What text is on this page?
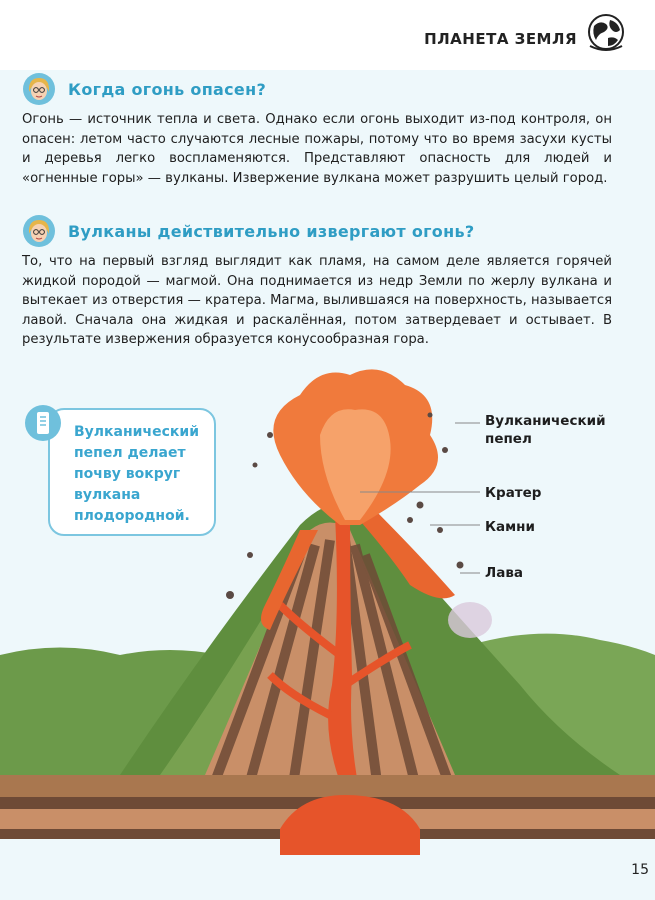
ПЛАНЕТА ЗЕМЛЯ
Когда огонь опасен?

Огонь — источник тепла и света. Однако если огонь выходит из-под контроля, он опасен: летом часто случаются лесные пожары, потому что во время засухи кусты и деревья легко воспламеняются. Представляют опасность для людей и «огненные горы» — вулканы. Извержение вулкана может разрушить целый город.

Вулканы действительно извергают огонь?

То, что на первый взгляд выглядит как пламя, на самом деле является горячей жидкой породой — магмой. Она поднимается из недр Земли по жерлу вулкана и вытекает из отверстия — кратера. Магма, вылившаяся на поверхность, называется лавой. Сначала она жидкая и раскалённая, потом затвердевает и остывает. В результате извержения образуется конусообразная гора.

Вулканический пепел
Кратер
Камни
Лава
Вулканический пепел делает почву вокруг вулкана плодородной.
15
